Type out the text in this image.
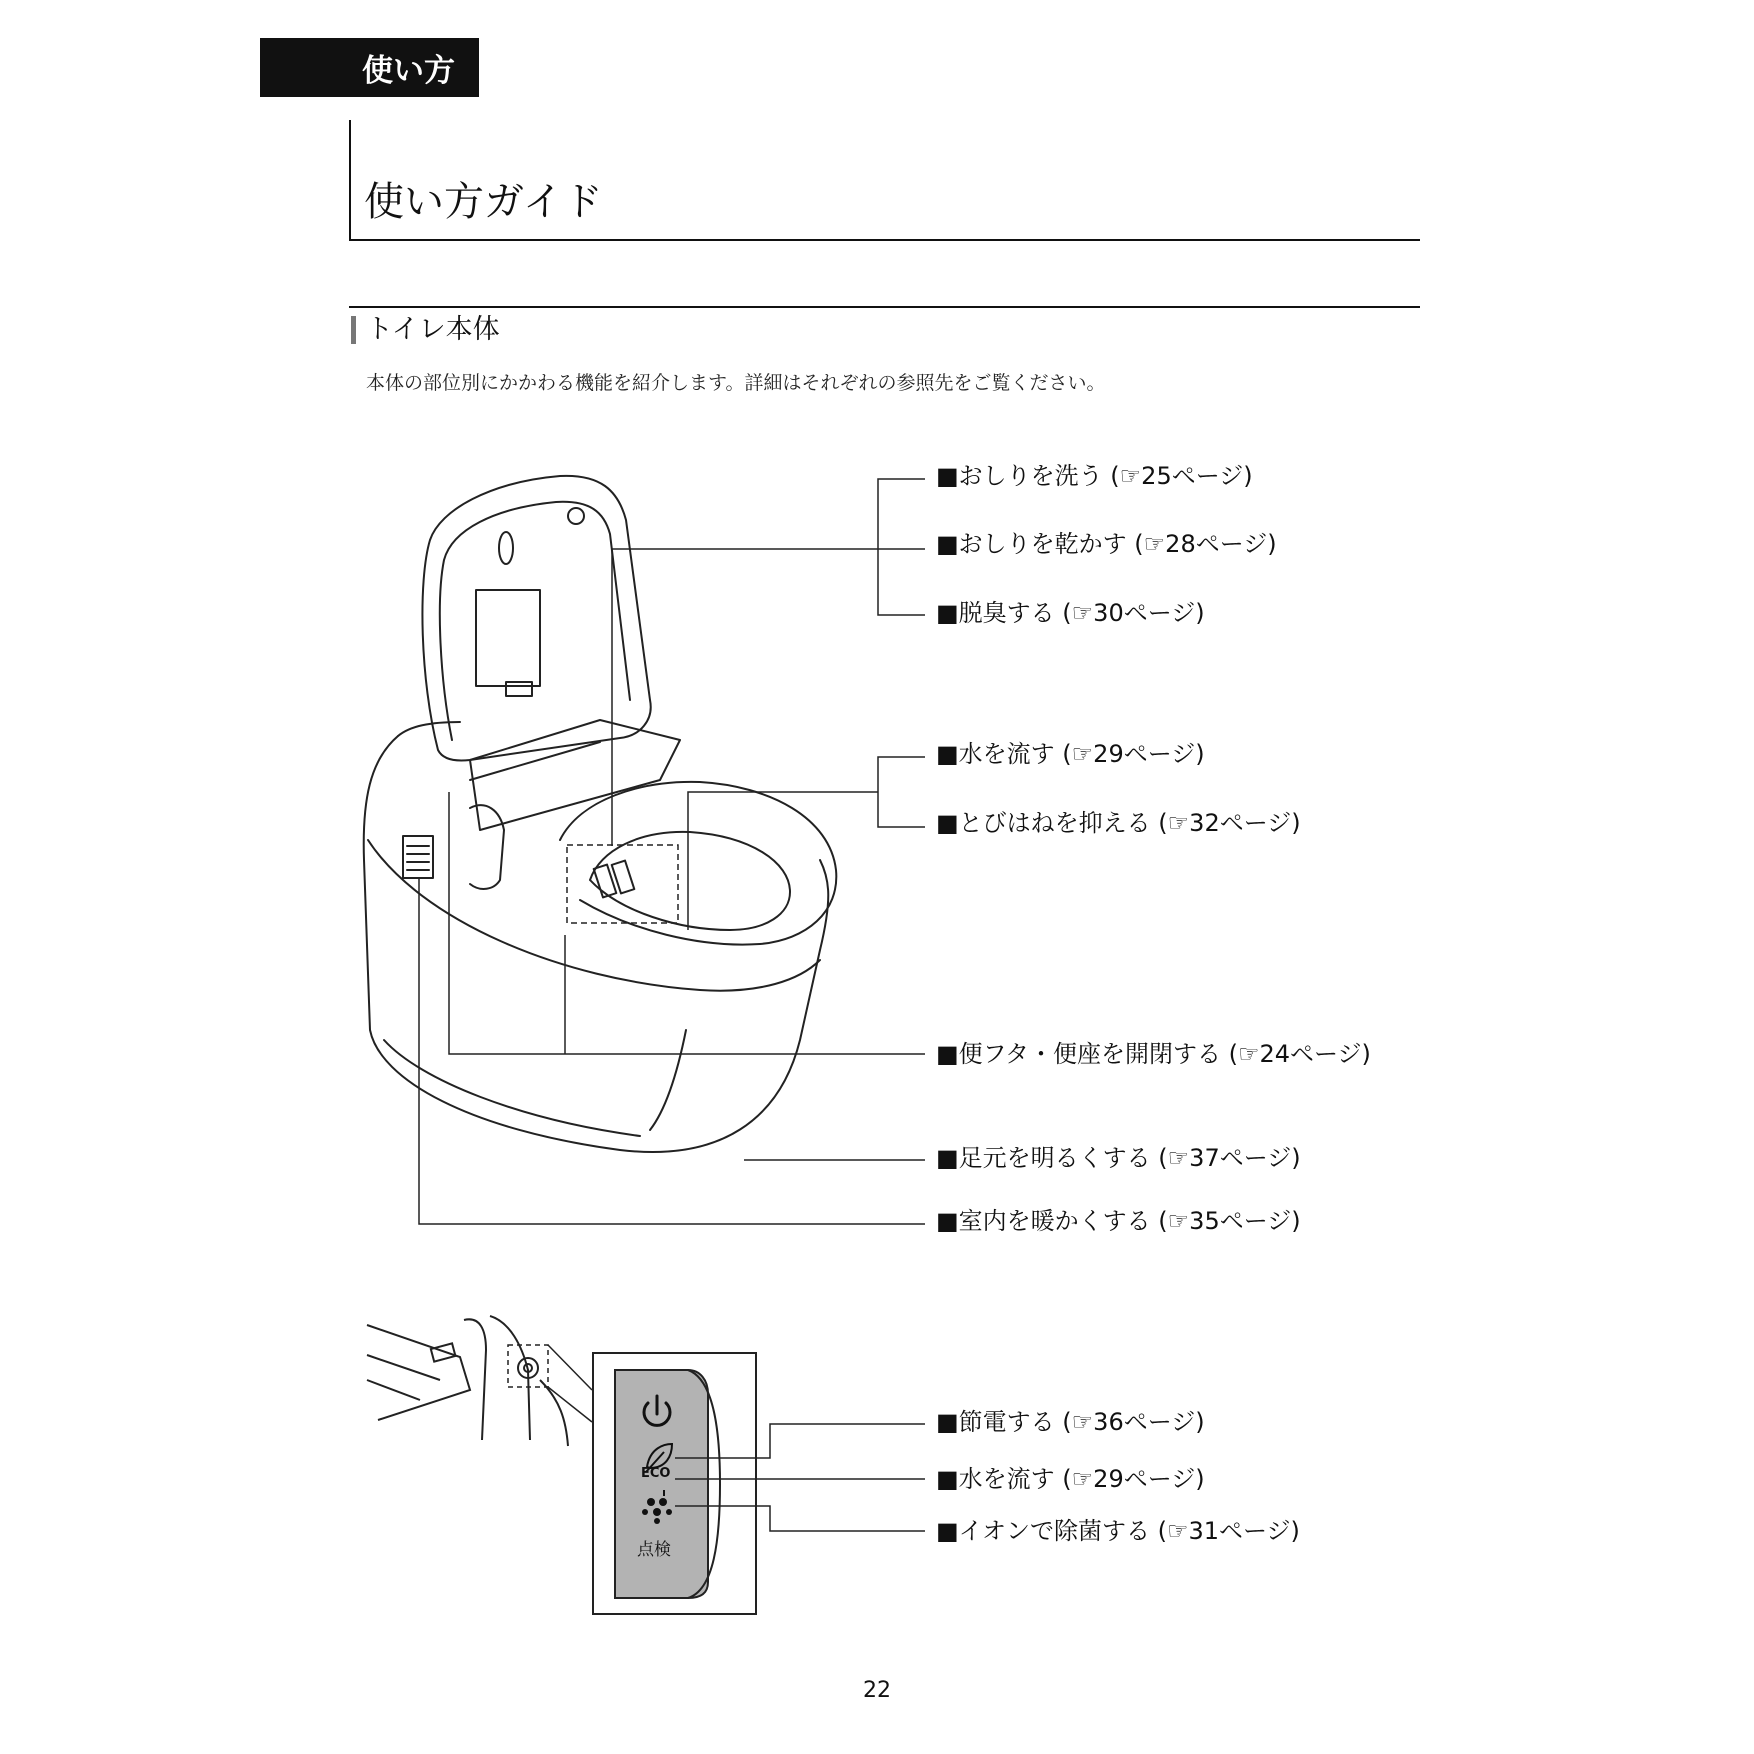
使い方
使い方ガイド
トイレ本体
本体の部位別にかかわる機能を紹介します。詳細はそれぞれの参照先をご覧ください。
ECO
点検
■おしりを洗う (☞25ページ)
■おしりを乾かす (☞28ページ)
■脱臭する (☞30ページ)
■水を流す (☞29ページ)
■とびはねを抑える (☞32ページ)
■便フタ・便座を開閉する (☞24ページ)
■足元を明るくする (☞37ページ)
■室内を暖かくする (☞35ページ)
■節電する (☞36ページ)
■水を流す (☞29ページ)
■イオンで除菌する (☞31ページ)
22
